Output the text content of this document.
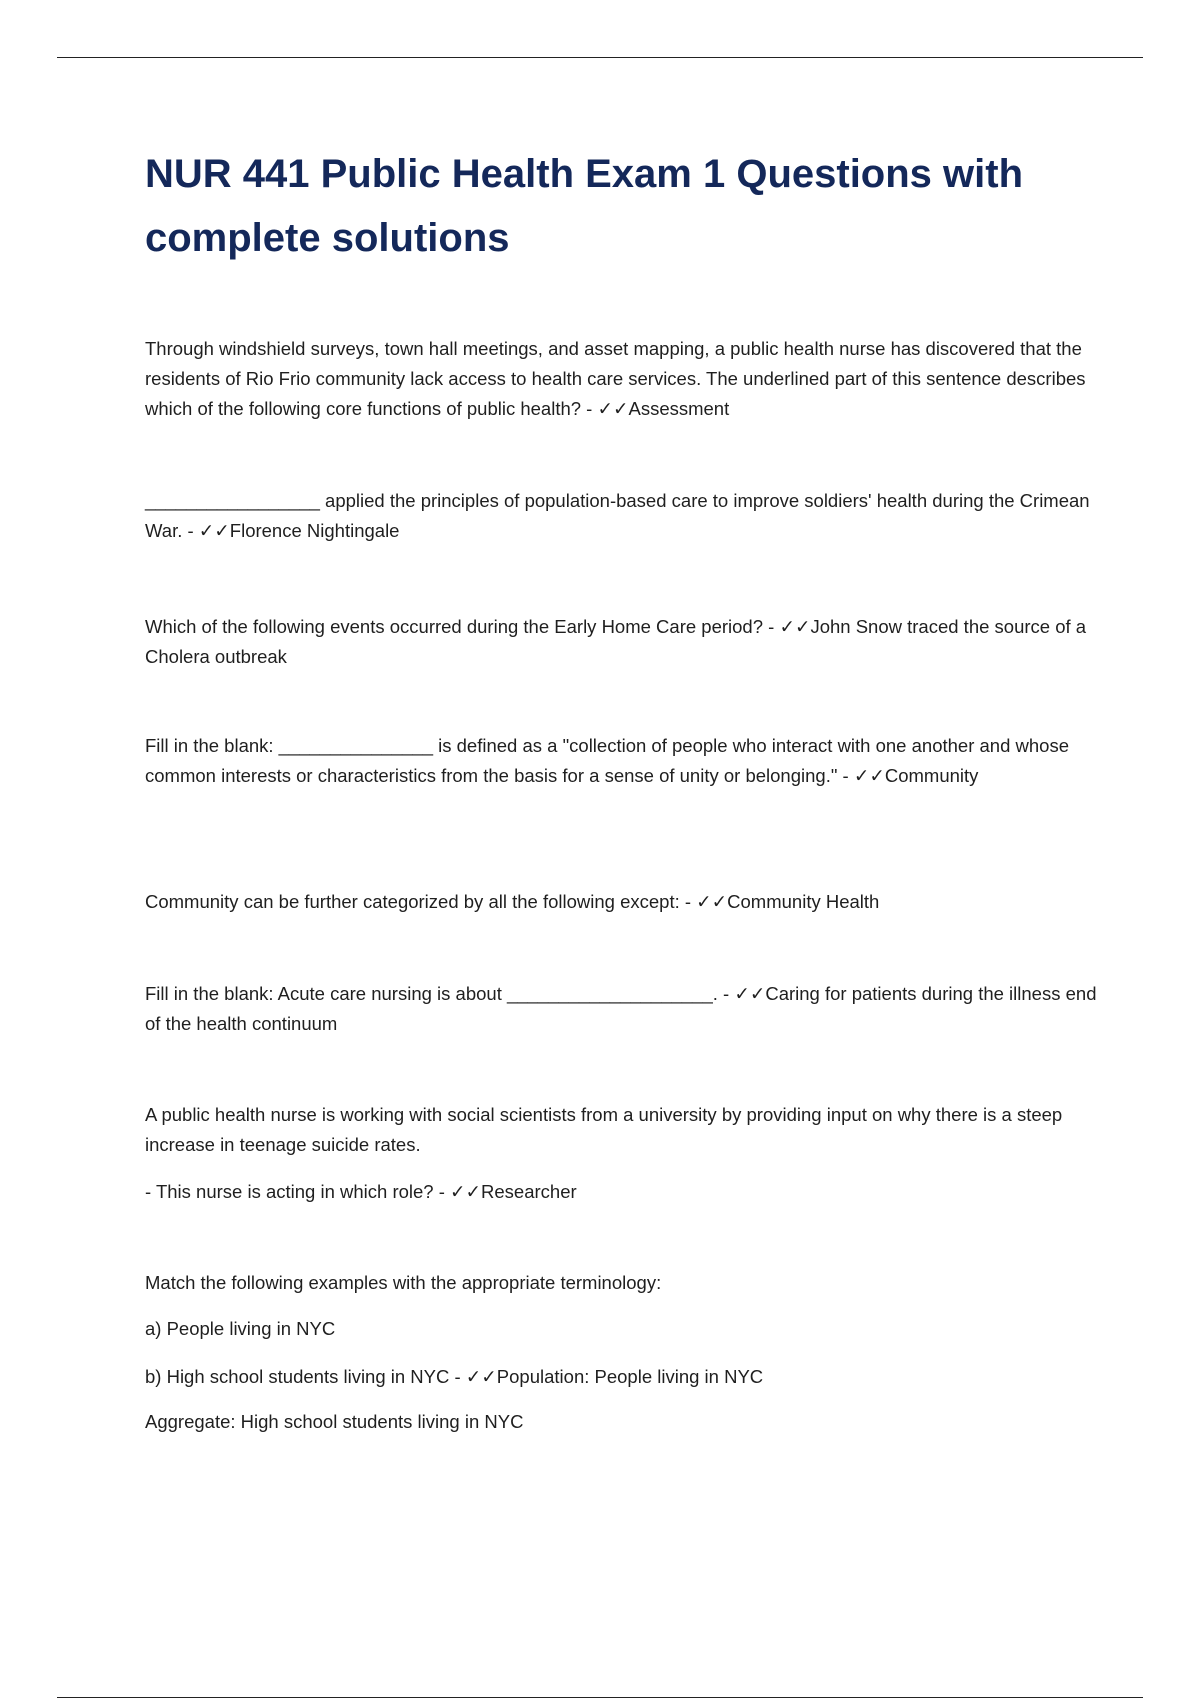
NUR 441 Public Health Exam 1 Questions with complete solutions

Through windshield surveys, town hall meetings, and asset mapping, a public health nurse has discovered that the residents of Rio Frio community lack access to health care services. The underlined part of this sentence describes which of the following core functions of public health? - ✓✓Assessment

_________________ applied the principles of population-based care to improve soldiers' health during the Crimean War. - ✓✓Florence Nightingale

Which of the following events occurred during the Early Home Care period? - ✓✓John Snow traced the source of a Cholera outbreak

Fill in the blank: _______________ is defined as a "collection of people who interact with one another and whose common interests or characteristics from the basis for a sense of unity or belonging." - ✓✓Community

Community can be further categorized by all the following except: - ✓✓Community Health

Fill in the blank: Acute care nursing is about ____________________. - ✓✓Caring for patients during the illness end of the health continuum

A public health nurse is working with social scientists from a university by providing input on why there is a steep increase in teenage suicide rates.

- This nurse is acting in which role? - ✓✓Researcher

Match the following examples with the appropriate terminology:

a) People living in NYC

b) High school students living in NYC - ✓✓Population: People living in NYC

Aggregate: High school students living in NYC
